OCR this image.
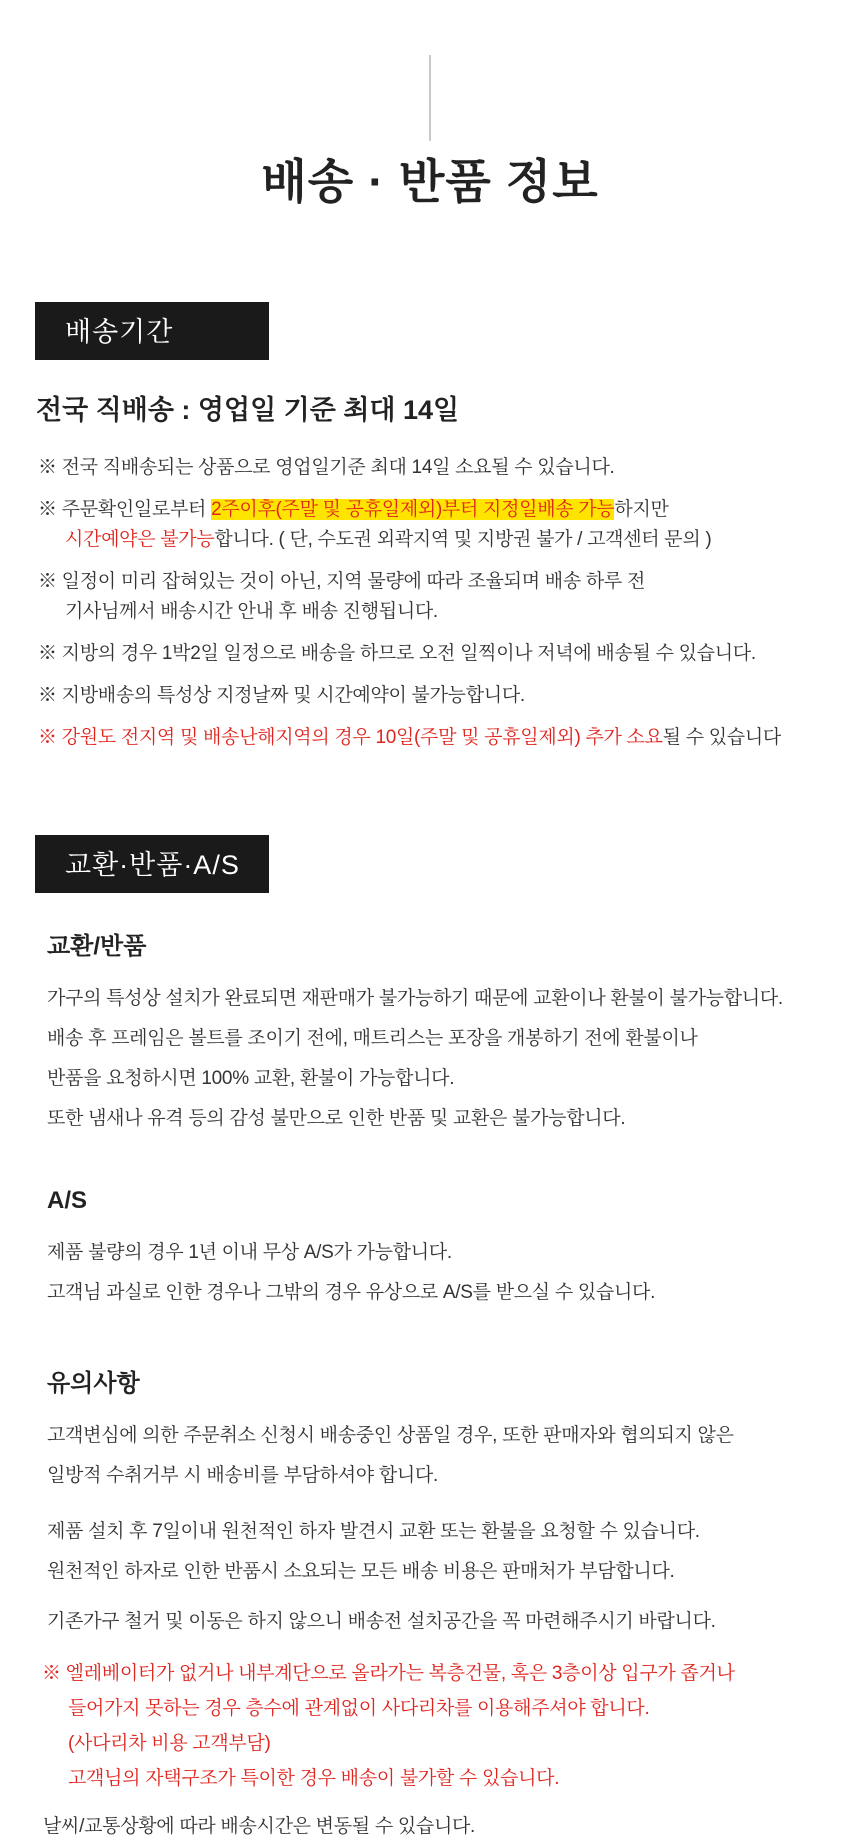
배송 · 반품 정보
배송기간
전국 직배송 : 영업일 기준 최대 14일
※ 전국 직배송되는 상품으로 영업일기준 최대 14일 소요될 수 있습니다.
※ 주문확인일로부터 2주이후(주말 및 공휴일제외)부터 지정일배송 가능하지만
시간예약은 불가능합니다. ( 단, 수도권 외곽지역 및 지방권 불가 / 고객센터 문의 )
※ 일정이 미리 잡혀있는 것이 아닌, 지역 물량에 따라 조율되며 배송 하루 전
기사님께서 배송시간 안내 후 배송 진행됩니다.
※ 지방의 경우 1박2일 일정으로 배송을 하므로 오전 일찍이나 저녁에 배송될 수 있습니다.
※ 지방배송의 특성상 지정날짜 및 시간예약이 불가능합니다.
※ 강원도 전지역 및 배송난해지역의 경우 10일(주말 및 공휴일제외) 추가 소요될 수 있습니다
교환·반품·A/S
교환/반품
가구의 특성상 설치가 완료되면 재판매가 불가능하기 때문에 교환이나 환불이 불가능합니다.
배송 후 프레임은 볼트를 조이기 전에, 매트리스는 포장을 개봉하기 전에 환불이나
반품을 요청하시면 100% 교환, 환불이 가능합니다.
또한 냄새나 유격 등의 감성 불만으로 인한 반품 및 교환은 불가능합니다.
A/S
제품 불량의 경우 1년 이내 무상 A/S가 가능합니다.
고객님 과실로 인한 경우나 그밖의 경우 유상으로 A/S를 받으실 수 있습니다.
유의사항
고객변심에 의한 주문취소 신청시 배송중인 상품일 경우, 또한 판매자와 협의되지 않은
일방적 수취거부 시 배송비를 부담하셔야 합니다.
제품 설치 후 7일이내 원천적인 하자 발견시 교환 또는 환불을 요청할 수 있습니다.
원천적인 하자로 인한 반품시 소요되는 모든 배송 비용은 판매처가 부담합니다.
기존가구 철거 및 이동은 하지 않으니 배송전 설치공간을 꼭 마련해주시기 바랍니다.
※ 엘레베이터가 없거나 내부계단으로 올라가는 복층건물, 혹은 3층이상 입구가 좁거나
들어가지 못하는 경우 층수에 관계없이 사다리차를 이용해주셔야 합니다.
(사다리차 비용 고객부담)
고객님의 자택구조가 특이한 경우 배송이 불가할 수 있습니다.
날씨/교통상황에 따라 배송시간은 변동될 수 있습니다.
